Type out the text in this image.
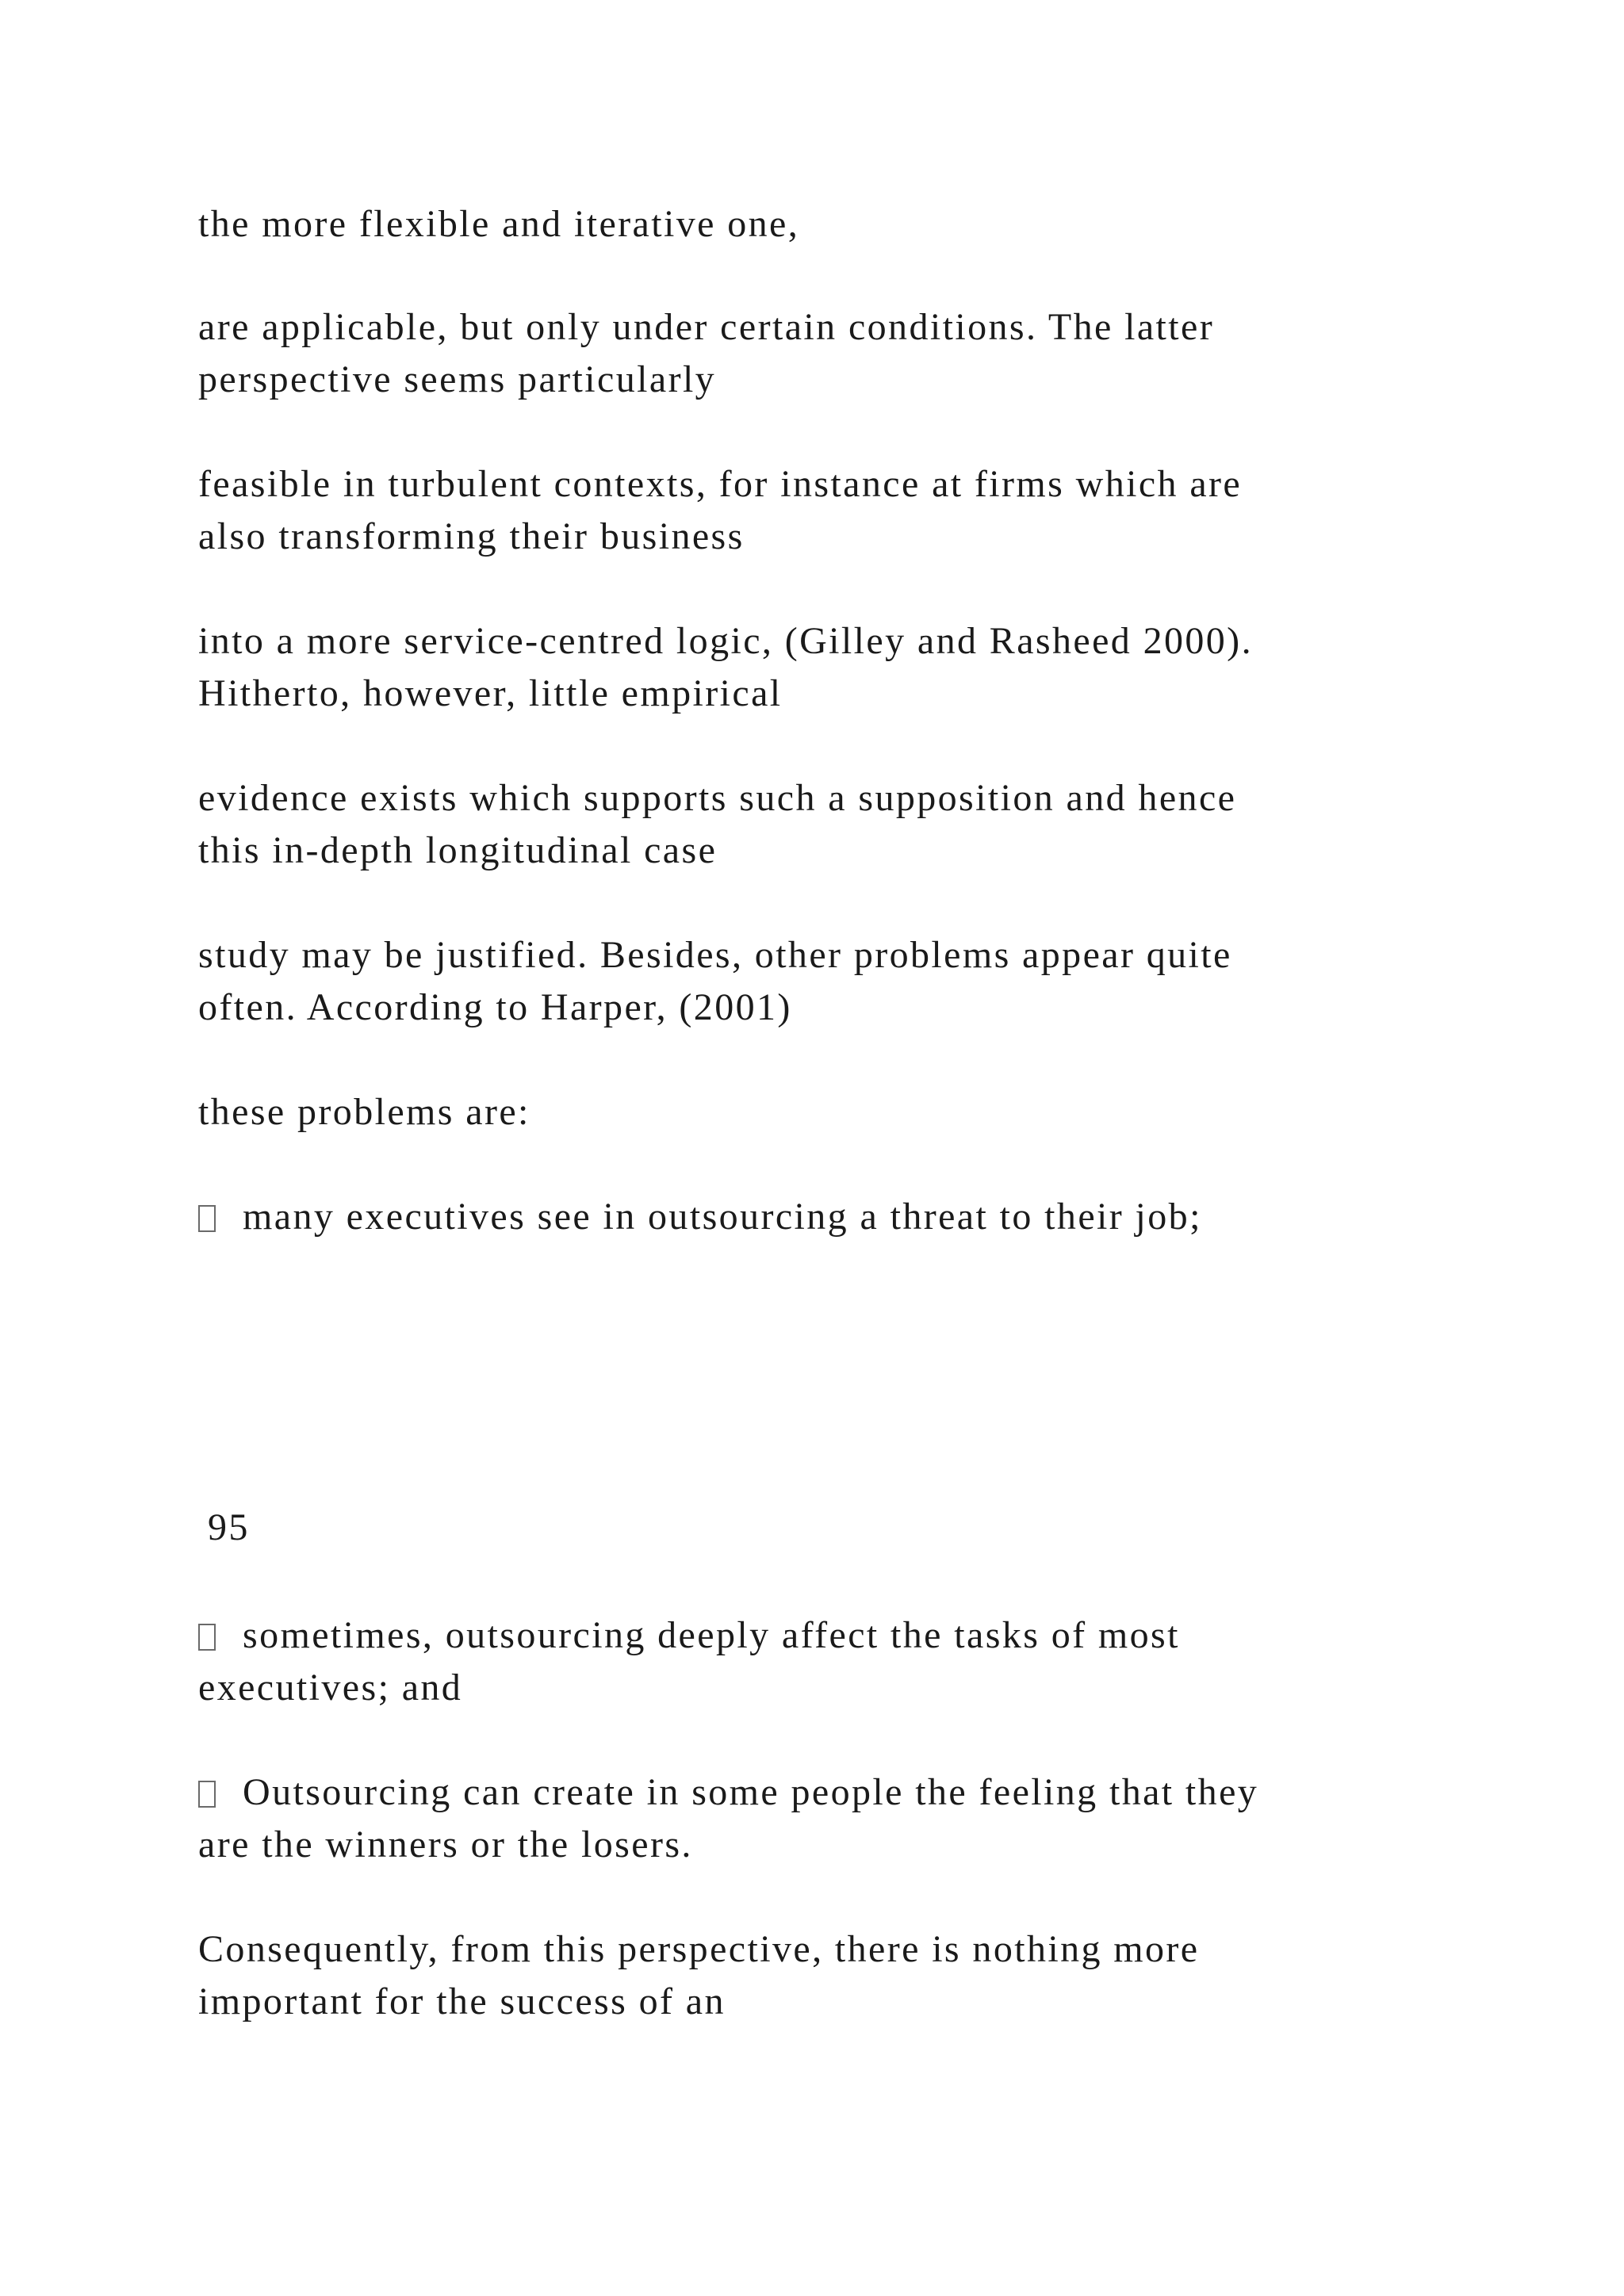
the more flexible and iterative one,

are applicable, but only under certain conditions. The latter
perspective seems particularly

feasible in turbulent contexts, for instance at firms which are
also transforming their business

into a more service-centred logic, (Gilley and Rasheed 2000).
Hitherto, however, little empirical

evidence exists which supports such a supposition and hence
this in-depth longitudinal case

study may be justified. Besides, other problems appear quite
often. According to Harper, (2001)

these problems are:

many executives see in outsourcing a threat to their job;

95

sometimes, outsourcing deeply affect the tasks of most
executives; and

Outsourcing can create in some people the feeling that they
are the winners or the losers.

Consequently, from this perspective, there is nothing more
important for the success of an
